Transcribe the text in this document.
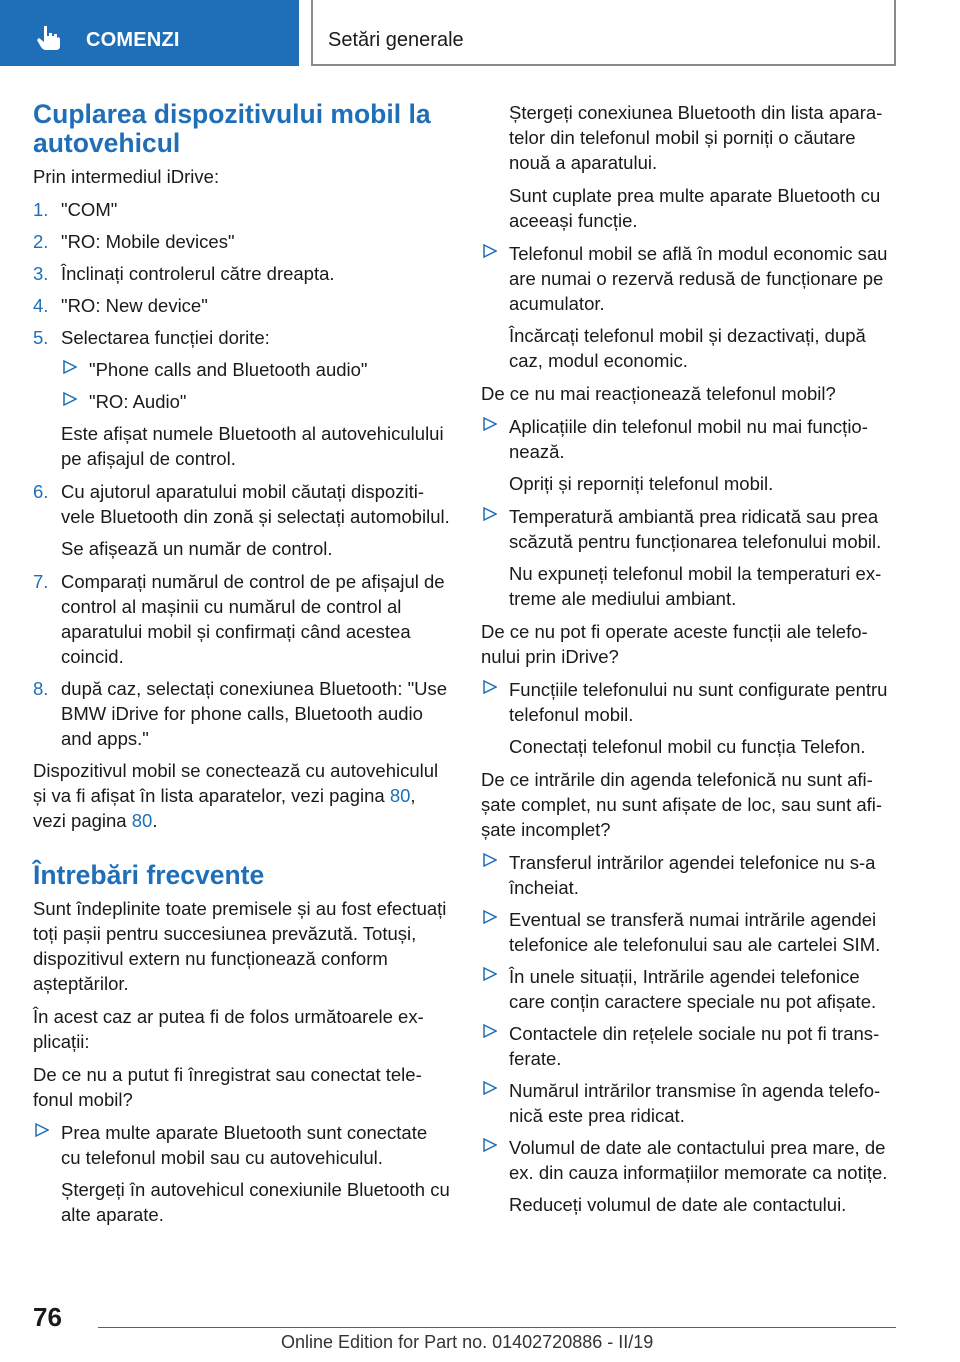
COMENZI	Setări generale
Cuplarea dispozitivului mobil la autovehicul

Prin intermediul iDrive:

1. "COM"
2. "RO: Mobile devices"
3. Înclinați controlerul către dreapta.
4. "RO: New device"
5. Selectarea funcției dorite:
"Phone calls and Bluetooth audio"
"RO: Audio"

Este afișat numele Bluetooth al autovehiculului pe afișajul de control.

6. Cu ajutorul aparatului mobil căutați dispozitivele Bluetooth din zonă și selectați automobilul.

Se afișează un număr de control.

7. Comparați numărul de control de pe afișajul de control al mașinii cu numărul de control al aparatului mobil și confirmați când acestea coincid.
8. după caz, selectați conexiunea Bluetooth: "Use BMW iDrive for phone calls, Bluetooth audio and apps."

Dispozitivul mobil se conectează cu autovehiculul și va fi afișat în lista aparatelor, vezi pagina 80,
vezi pagina 80.

Întrebări frecvente

Sunt îndeplinite toate premisele și au fost efectuați toți pașii pentru succesiunea prevăzută. Totuși, dispozitivul extern nu funcționează conform așteptărilor.

În acest caz ar putea fi de folos următoarele explicații:

De ce nu a putut fi înregistrat sau conectat telefonul mobil?

Prea multe aparate Bluetooth sunt conectate cu telefonul mobil sau cu autovehiculul.

Ștergeți în autovehicul conexiunile Bluetooth cu alte aparate.

Ștergeți conexiunea Bluetooth din lista aparatelor din telefonul mobil și porniți o căutare nouă a aparatului.

Sunt cuplate prea multe aparate Bluetooth cu aceeași funcție.

Telefonul mobil se află în modul economic sau are numai o rezervă redusă de funcționare pe acumulator.

Încărcați telefonul mobil și dezactivați, după caz, modul economic.

De ce nu mai reacționează telefonul mobil?

Aplicațiile din telefonul mobil nu mai funcționează.

Opriți și reporniți telefonul mobil.

Temperatură ambiantă prea ridicată sau prea scăzută pentru funcționarea telefonului mobil.

Nu expuneți telefonul mobil la temperaturi extreme ale mediului ambiant.

De ce nu pot fi operate aceste funcții ale telefonului prin iDrive?

Funcțiile telefonului nu sunt configurate pentru telefonul mobil.

Conectați telefonul mobil cu funcția Telefon.

De ce intrările din agenda telefonică nu sunt afișate complet, nu sunt afișate de loc, sau sunt afișate incomplet?

Transferul intrărilor agendei telefonice nu s-a încheiat.
Eventual se transferă numai intrările agendei telefonice ale telefonului sau ale cartelei SIM.
În unele situații, Intrările agendei telefonice care conțin caractere speciale nu pot afișate.
Contactele din rețelele sociale nu pot fi transferate.
Numărul intrărilor transmise în agenda telefonică este prea ridicat.
Volumul de date ale contactului prea mare, de ex. din cauza informațiilor memorate ca notițe.

Reduceți volumul de date ale contactului.

76
Online Edition for Part no. 01402720886 - II/19
